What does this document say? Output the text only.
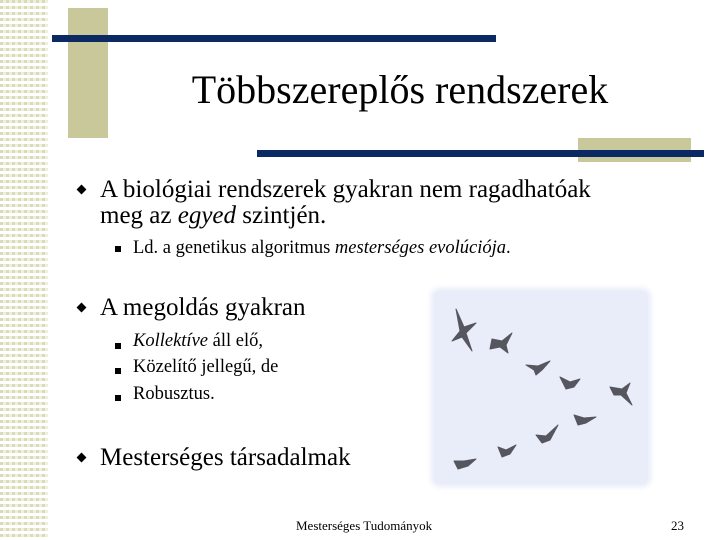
Többszereplős rendszerek
A biológiai rendszerek gyakran nem ragadhatóak
meg az egyed szintjén.
Ld. a genetikus algoritmus mesterséges evolúciója.
A megoldás gyakran
Kollektíve áll elő,
Közelítő jellegű, de
Robusztus.
Mesterséges társadalmak
Mesterséges Tudományok	23
